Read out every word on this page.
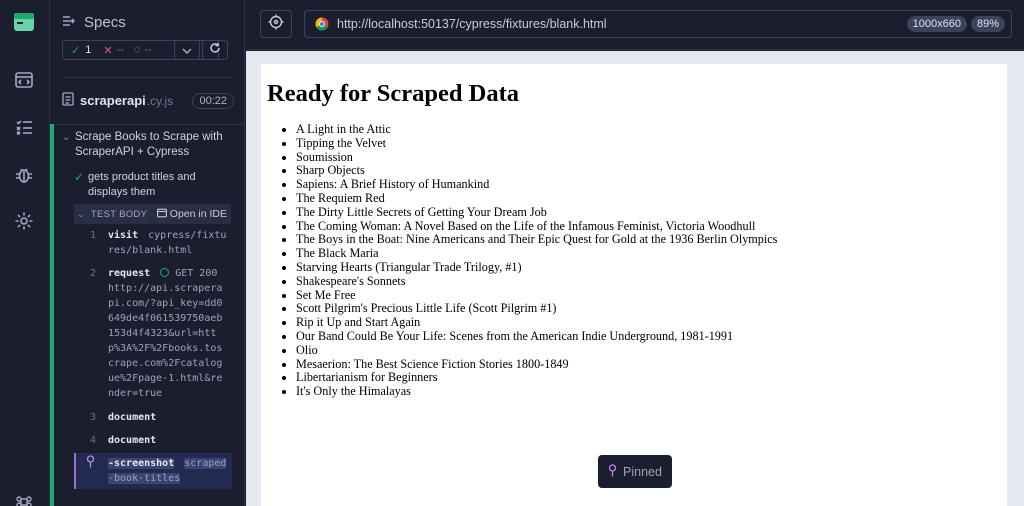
Specs
✓ 1 ✕ -- ◌ --
scraperapi .cy.js	00:22
⌄ Scrape Books to Scrape with ScraperAPI + Cypress
✓ gets product titles and displays them
⌄ TEST BODY Open in IDE
1 visit cypress/fixtures/blank.html
2 request	GET 200
http://api.scraperapi.com/?api_key=dd0649de4f061539750aeb153d4f4323&url=http%3A%2F%2Fbooks.toscrape.com%2Fcatalogue%2Fpage-1.html&render=true
3 document
4 document
-screenshot scraped-book-titles
http://localhost:50137/cypress/fixtures/blank.html	1000x660	89%
Ready for Scraped Data
• A Light in the Attic
• Tipping the Velvet
• Soumission
• Sharp Objects
• Sapiens: A Brief History of Humankind
• The Requiem Red
• The Dirty Little Secrets of Getting Your Dream Job
• The Coming Woman: A Novel Based on the Life of the Infamous Feminist, Victoria Woodhull
• The Boys in the Boat: Nine Americans and Their Epic Quest for Gold at the 1936 Berlin Olympics
• The Black Maria
• Starving Hearts (Triangular Trade Trilogy, #1)
• Shakespeare's Sonnets
• Set Me Free
• Scott Pilgrim's Precious Little Life (Scott Pilgrim #1)
• Rip it Up and Start Again
• Our Band Could Be Your Life: Scenes from the American Indie Underground, 1981-1991
• Olio
• Mesaerion: The Best Science Fiction Stories 1800-1849
• Libertarianism for Beginners
• It's Only the Himalayas
Pinned
